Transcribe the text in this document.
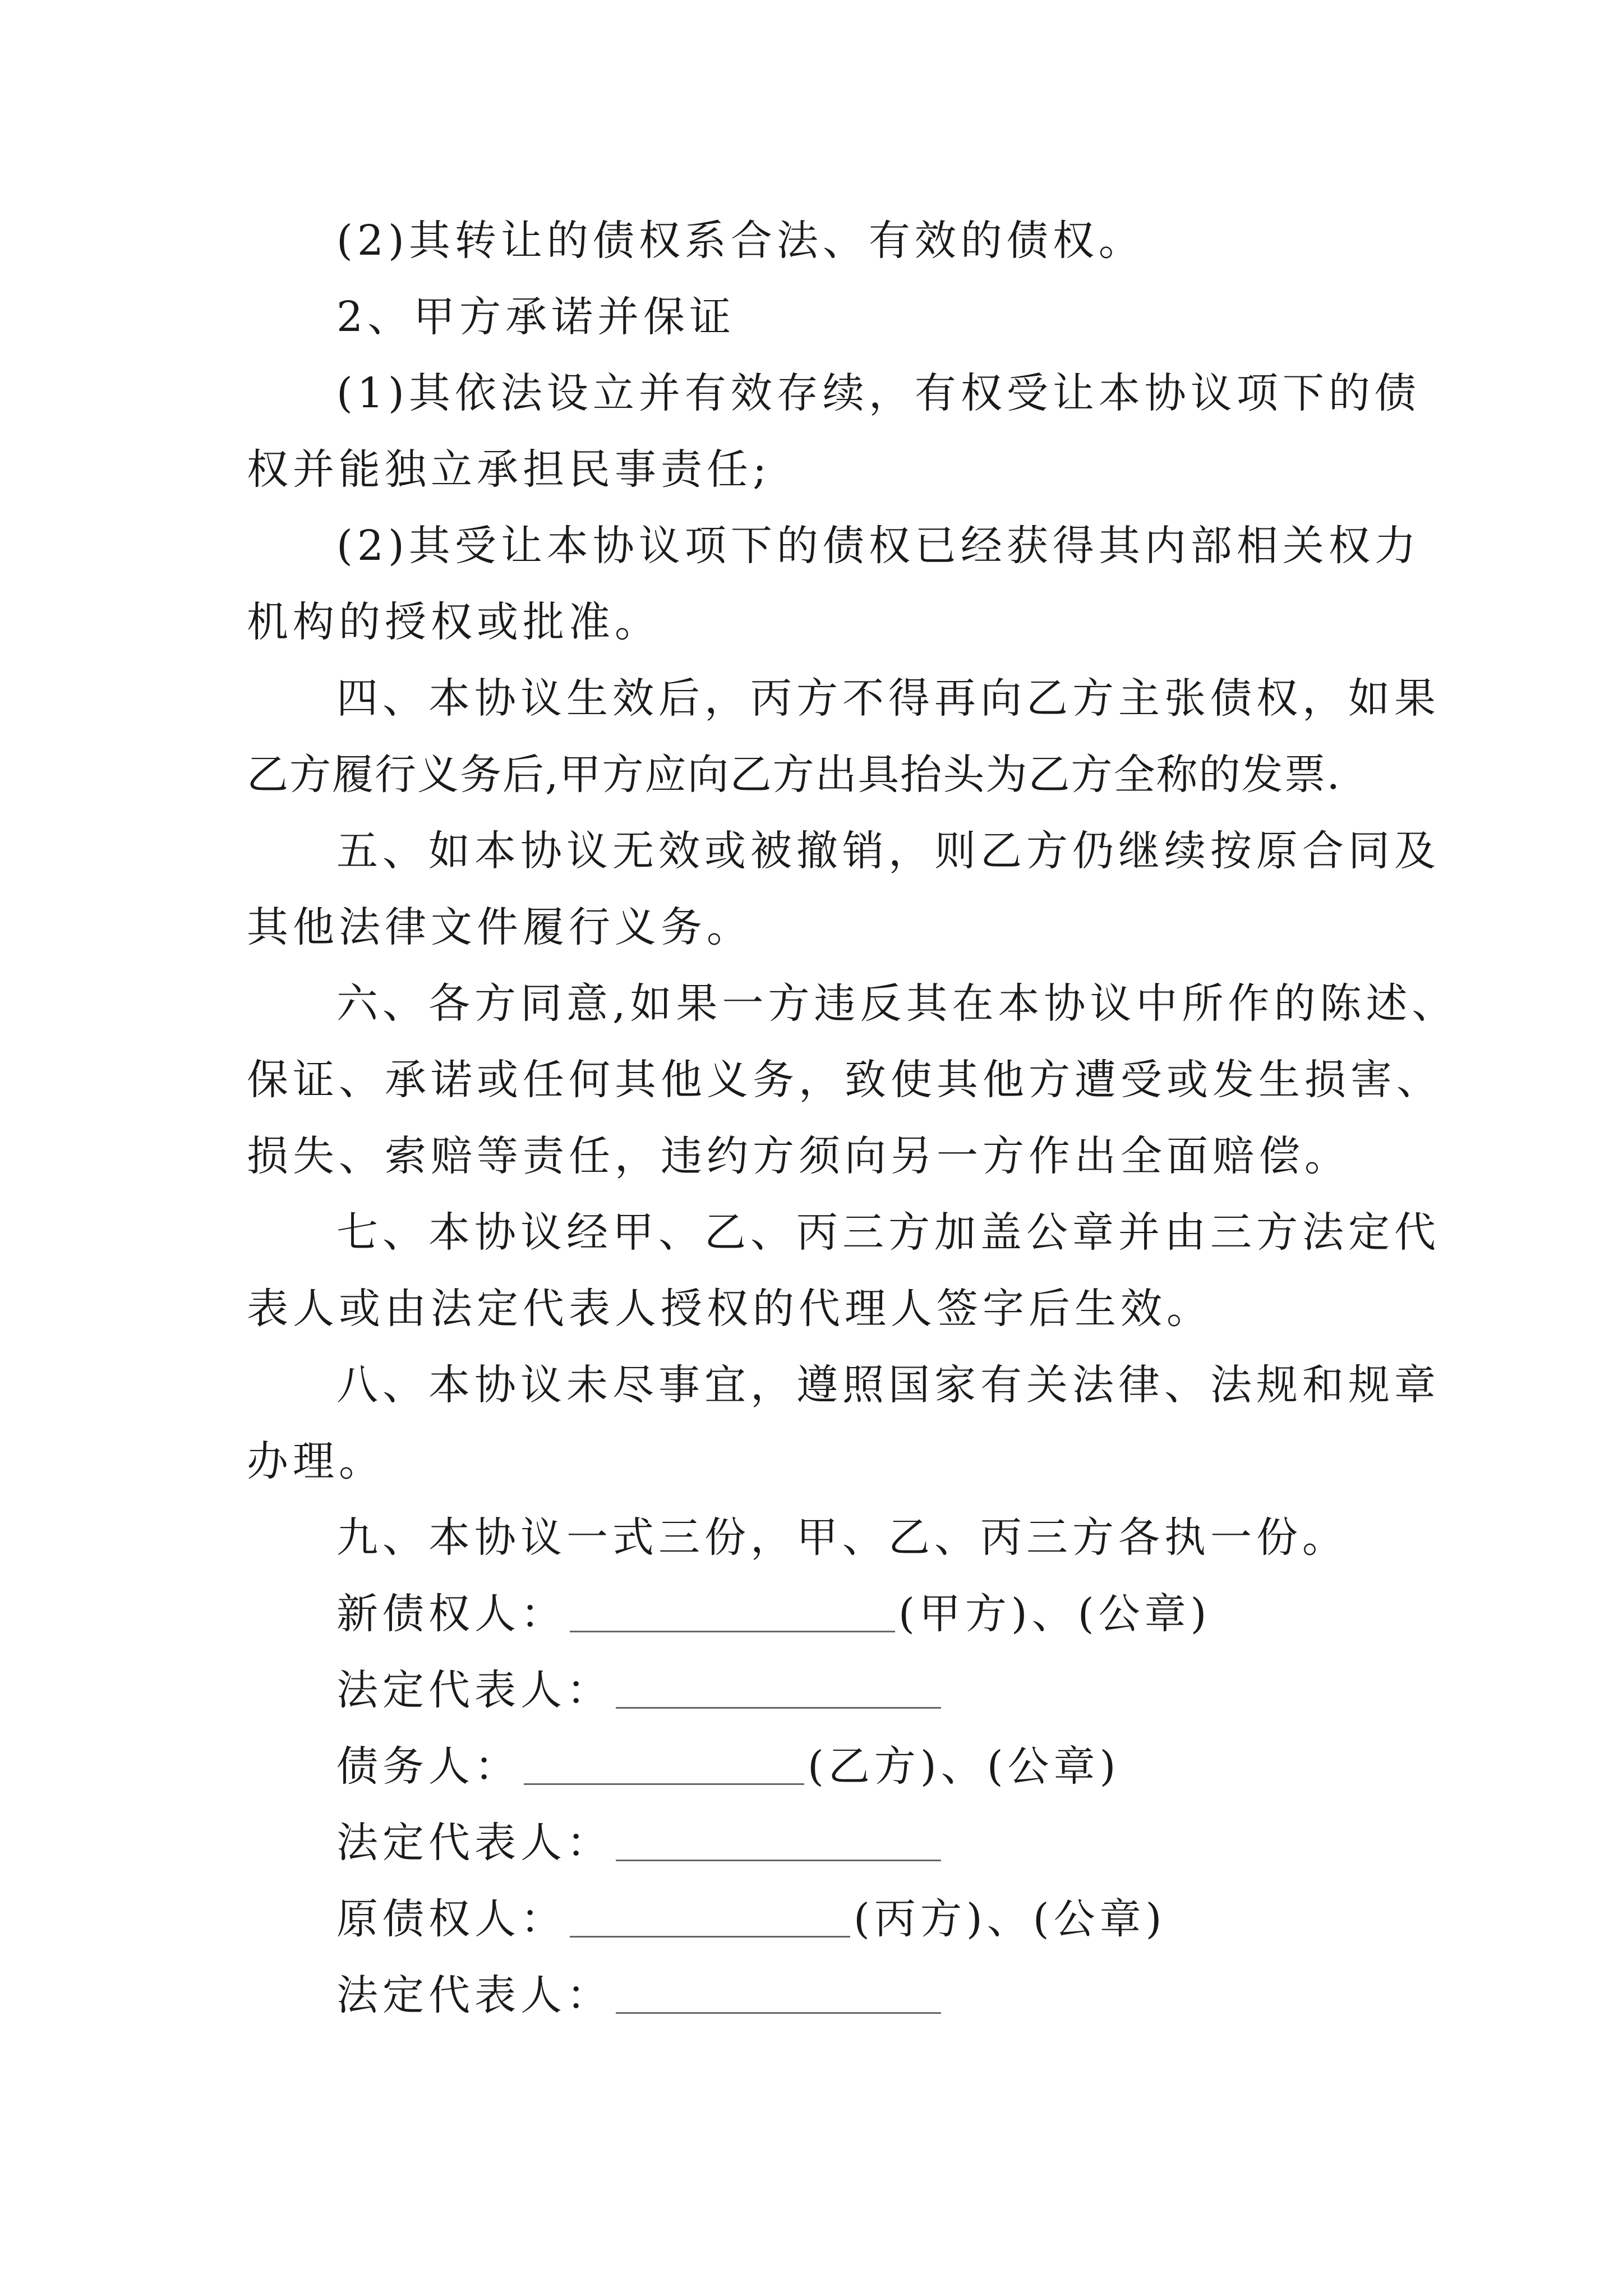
(2)其转让的债权系合法、有效的债权。
2、甲方承诺并保证
(1)其依法设立并有效存续，有权受让本协议项下的债
权并能独立承担民事责任;
(2)其受让本协议项下的债权已经获得其内部相关权力
机构的授权或批准。
四、本协议生效后，丙方不得再向乙方主张债权，如果
乙方履行义务后,甲方应向乙方出具抬头为乙方全称的发票.
五、如本协议无效或被撤销，则乙方仍继续按原合同及
其他法律文件履行义务。
六、各方同意,如果一方违反其在本协议中所作的陈述、
保证、承诺或任何其他义务，致使其他方遭受或发生损害、
损失、索赔等责任，违约方须向另一方作出全面赔偿。
七、本协议经甲、乙、丙三方加盖公章并由三方法定代
表人或由法定代表人授权的代理人签字后生效。
八、本协议未尽事宜，遵照国家有关法律、法规和规章
办理。
九、本协议一式三份，甲、乙、丙三方各执一份。
新债权人：	(甲方)、(公章)
法定代表人：
债务人：	(乙方)、(公章)
法定代表人：
原债权人：	(丙方)、(公章)
法定代表人：
